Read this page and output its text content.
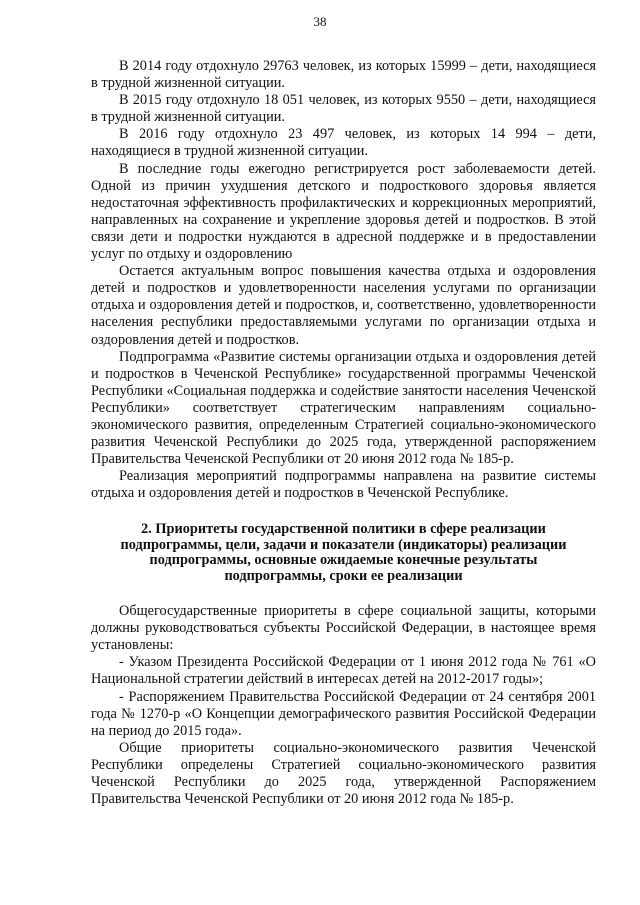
38

В 2014 году отдохнуло 29763 человек, из которых 15999 – дети, находящиеся в трудной жизненной ситуации.

В 2015 году отдохнуло 18 051 человек, из которых 9550 – дети, находящиеся в трудной жизненной ситуации.

В 2016 году отдохнуло 23 497 человек, из которых 14 994 – дети, находящиеся в трудной жизненной ситуации.

В последние годы ежегодно регистрируется рост заболеваемости детей. Одной из причин ухудшения детского и подросткового здоровья является недостаточная эффективность профилактических и коррекционных мероприятий, направленных на сохранение и укрепление здоровья детей и подростков. В этой связи дети и подростки нуждаются в адресной поддержке и в предоставлении услуг по отдыху и оздоровлению

Остается актуальным вопрос повышения качества отдыха и оздоровления детей и подростков и удовлетворенности населения услугами по организации отдыха и оздоровления детей и подростков, и, соответственно, удовлетворенности населения республики предоставляемыми услугами по организации отдыха и оздоровления детей и подростков.

Подпрограмма «Развитие системы организации отдыха и оздоровления детей и подростков в Чеченской Республике» государственной программы Чеченской Республики «Социальная поддержка и содействие занятости населения Чеченской Республики» соответствует стратегическим направлениям социально-экономического развития, определенным Стратегией социально-экономического развития Чеченской Республики до 2025 года, утвержденной распоряжением Правительства Чеченской Республики от 20 июня 2012 года № 185-р.

Реализация мероприятий подпрограммы направлена на развитие системы отдыха и оздоровления детей и подростков в Чеченской Республике.

2. Приоритеты государственной политики в сфере реализации
подпрограммы, цели, задачи и показатели (индикаторы) реализации
подпрограммы, основные ожидаемые конечные результаты
подпрограммы, сроки ее реализации

Общегосударственные приоритеты в сфере социальной защиты, которыми должны руководствоваться субъекты Российской Федерации, в настоящее время установлены:

- Указом Президента Российской Федерации от 1 июня 2012 года № 761 «О Национальной стратегии действий в интересах детей на 2012-2017 годы»;

- Распоряжением Правительства Российской Федерации от 24 сентября 2001 года № 1270-р «О Концепции демографического развития Российской Федерации на период до 2015 года».

Общие приоритеты социально-экономического развития Чеченской Республики определены Стратегией социально-экономического развития Чеченской Республики до 2025 года, утвержденной Распоряжением Правительства Чеченской Республики от 20 июня 2012 года № 185-р.
